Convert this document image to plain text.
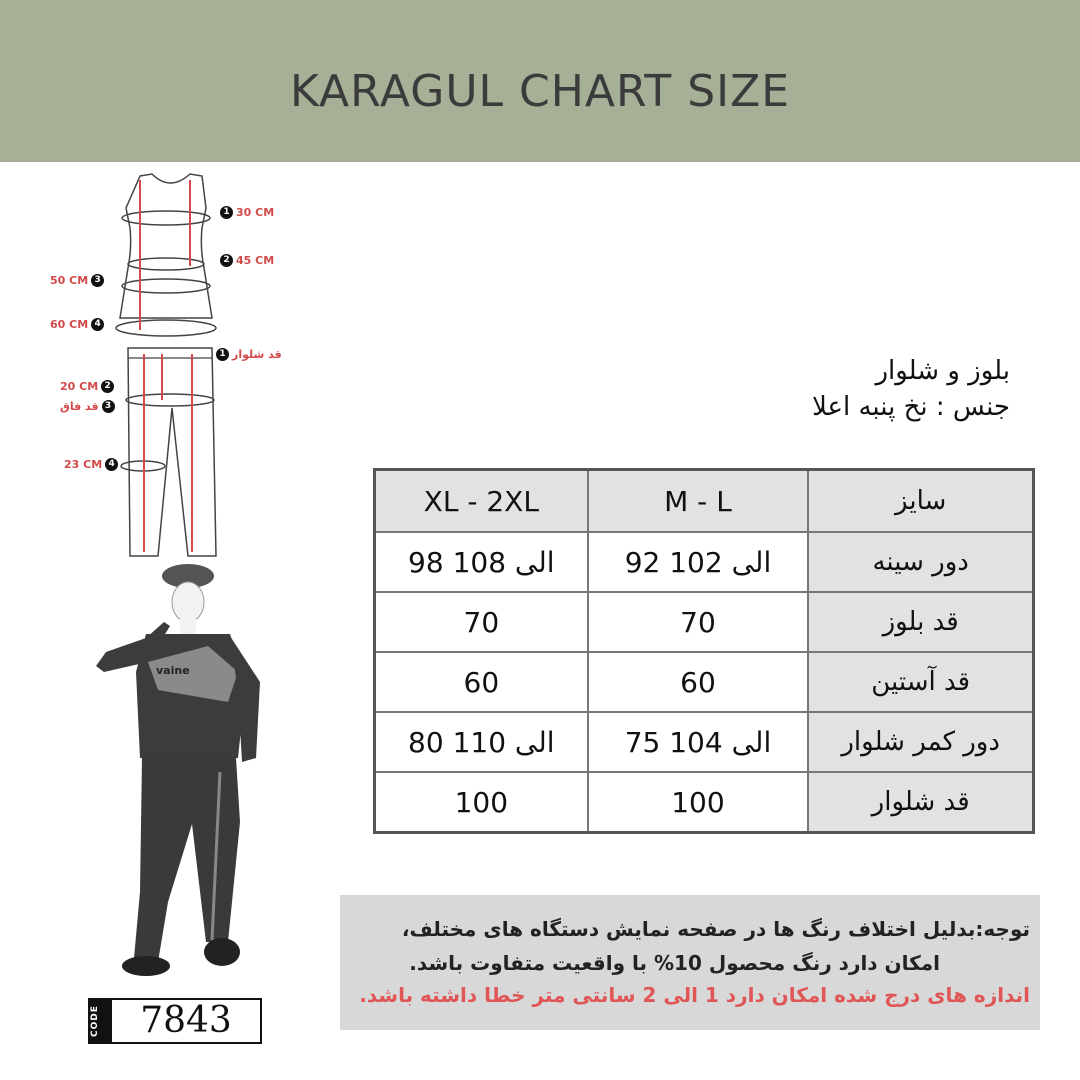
KARAGUL CHART SIZE
1 30 CM
2 45 CM
3
50 CM
4
60 CM
1 قد شلوار
2
20 CM
3
قد فاق
4
23 CM
vaine
CODE	7843
بلوز و شلوار
جنس : نخ پنبه اعلا
XL - 2XL	M - L	سایز
98 الی 108	92 الی 102	دور سینه
70	70	قد بلوز
60	60	قد آستین
80 الی 110	75 الی 104	دور کمر شلوار
100	100	قد شلوار
توجه:بدلیل اختلاف رنگ ها در صفحه نمایش دستگاه های مختلف،
امکان دارد رنگ محصول 10% با واقعیت متفاوت باشد.
اندازه های درج شده امکان دارد 1 الی 2 سانتی متر خطا داشته باشد.
